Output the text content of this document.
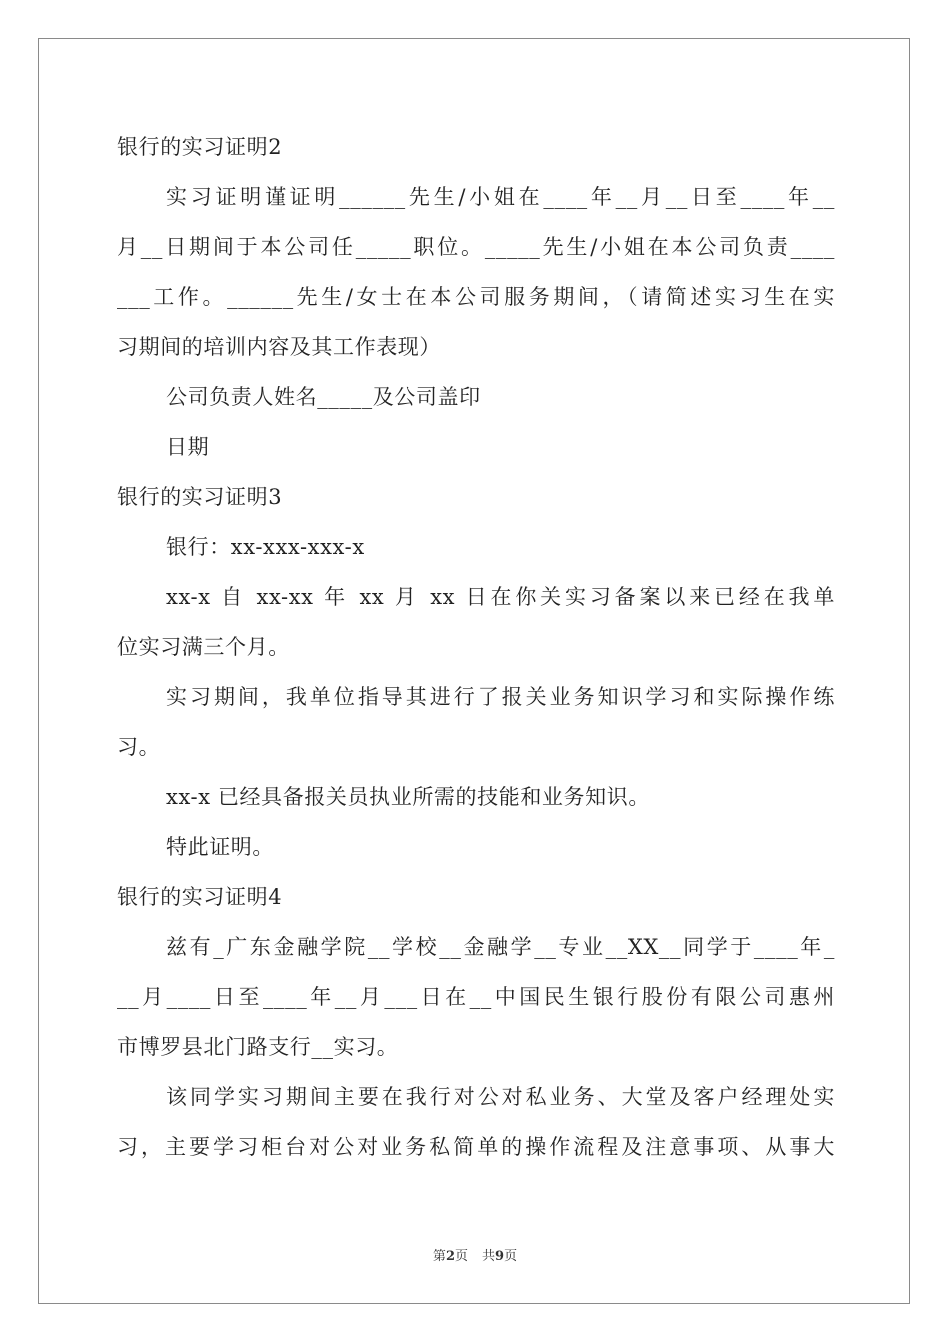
银行的实习证明2
实习证明谨证明______先生/小姐在____年__月__日至____年__
月__日期间于本公司任_____职位。_____先生/小姐在本公司负责____
___工作。______先生/女士在本公司服务期间，（请简述实习生在实
习期间的培训内容及其工作表现）
公司负责人姓名_____及公司盖印
日期
银行的实习证明3
银行：xx-xxx-xxx-x
xx-x 自 xx-xx 年 xx 月 xx 日在你关实习备案以来已经在我单
位实习满三个月。
实习期间，我单位指导其进行了报关业务知识学习和实际操作练
习。
xx-x 已经具备报关员执业所需的技能和业务知识。
特此证明。
银行的实习证明4
兹有_广东金融学院__学校__金融学__专业__XX__同学于____年_
__月____日至____年__月___日在__中国民生银行股份有限公司惠州
市博罗县北门路支行__实习。
该同学实习期间主要在我行对公对私业务、大堂及客户经理处实
习，主要学习柜台对公对业务私简单的操作流程及注意事项、从事大
第2页 共9页
